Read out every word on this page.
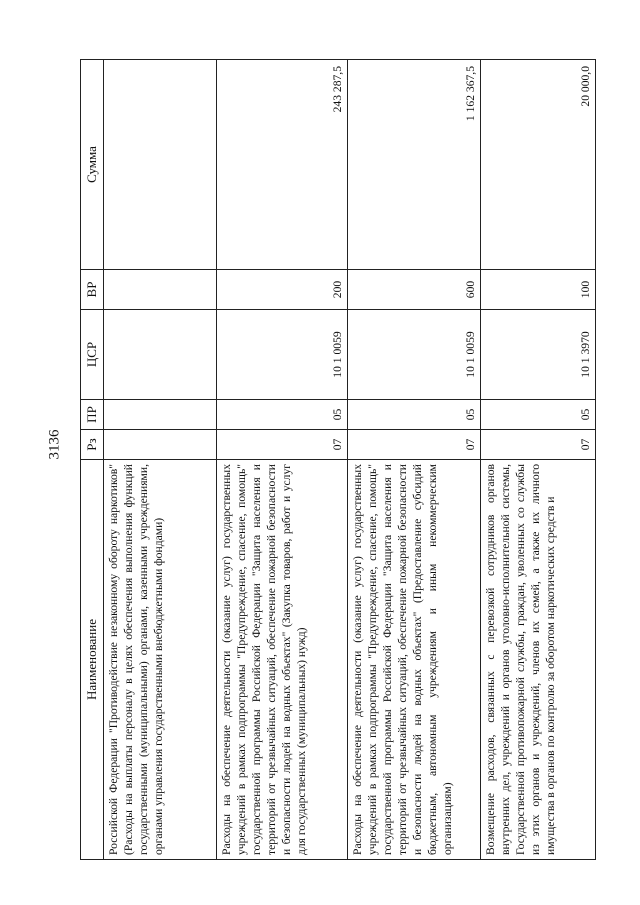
3136
Наименование	Рз	ПР	ЦСР	ВР	Сумма
Российской Федерации "Противодействие незаконному обороту наркотиков" (Расходы на выплаты персоналу в целях обеспечения выполнения функций государственными (муниципальными) органами, казенными учреждениями, органами управления государственными внебюджетными фондами)					
Расходы на обеспечение деятельности (оказание услуг) государственных учреждений в рамках подпрограммы "Предупреждение, спасение, помощь" государственной программы Российской Федерации "Защита населения и территорий от чрезвычайных ситуаций, обеспечение пожарной безопасности и безопасности людей на водных объектах" (Закупка товаров, работ и услуг для государственных (муниципальных) нужд)	07	05	10 1 0059	200	243 287,5
Расходы на обеспечение деятельности (оказание услуг) государственных учреждений в рамках подпрограммы "Предупреждение, спасение, помощь" государственной программы Российской Федерации "Защита населения и территорий от чрезвычайных ситуаций, обеспечение пожарной безопасности и безопасности людей на водных объектах" (Предоставление субсидий бюджетным, автономным учреждениям и иным некоммерческим организациям)	07	05	10 1 0059	600	1 162 367,5
Возмещение расходов, связанных с перевозкой сотрудников органов внутренних дел, учреждений и органов уголовно-исполнительной системы, Государственной противопожарной службы, граждан, уволенных со службы из этих органов и учреждений, членов их семей, а также их личного имущества в органов по контролю за оборотом наркотических средств и	07	05	10 1 3970	100	20 000,0
